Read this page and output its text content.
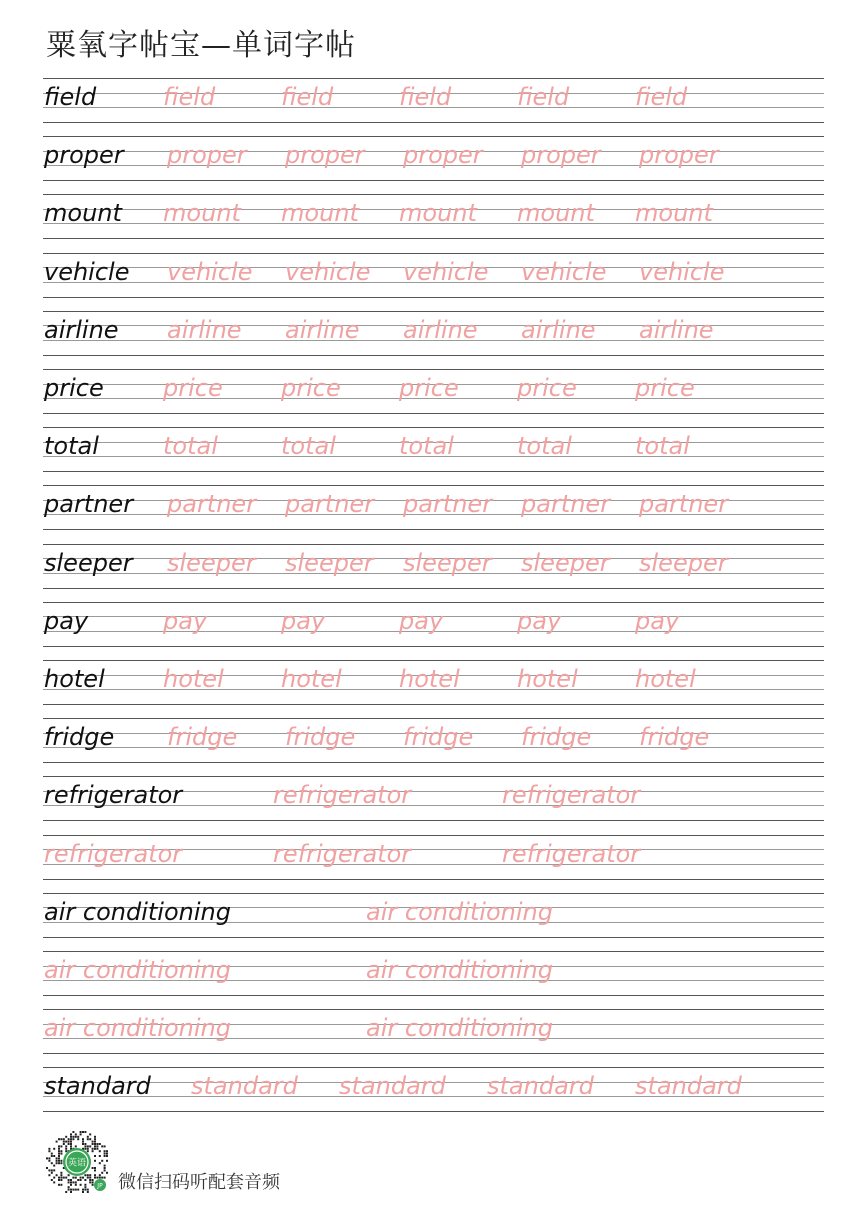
粟氧字帖宝—单词字帖
field	field	field	field	field	field
proper proper proper proper proper proper
mount mount mount mount mount mount
vehicle vehicle vehicle vehicle vehicle vehicle
airline airline airline airline airline airline
price price price price price price
total	total	total	total	total	total
partner partner partner partner partner partner
sleeper sleeper sleeper sleeper sleeper sleeper
pay	pay	pay	pay	pay	pay
hotel hotel hotel hotel hotel hotel
fridge fridge fridge fridge fridge fridge
refrigerator	refrigerator	refrigerator
refrigerator	refrigerator	refrigerator
air conditioning	air conditioning
air conditioning	air conditioning
air conditioning	air conditioning
standard standard standard standard standard
英语
JP 微信扫码听配套音频
